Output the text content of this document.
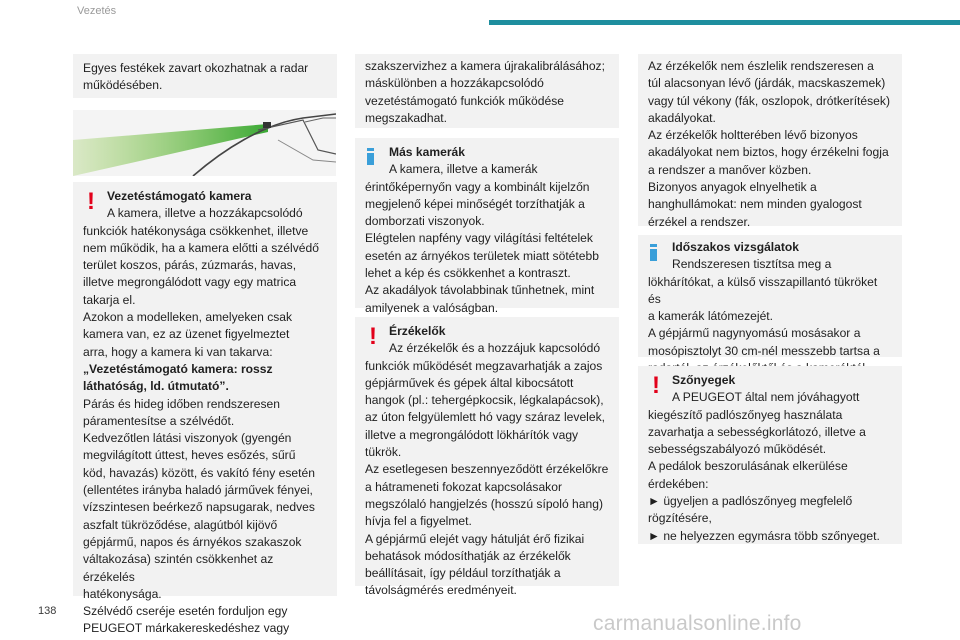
Vezetés

Egyes festékek zavart okozhatnak a radar

működésében.

! Vezetéstámogató kamera

A kamera, illetve a hozzákapcsolódó

funkciók hatékonysága csökkenhet, illetve

nem működik, ha a kamera előtti a szélvédő

terület koszos, párás, zúzmarás, havas,

illetve megrongálódott vagy egy matrica

takarja el.

Azokon a modelleken, amelyeken csak

kamera van, ez az üzenet figyelmeztet

arra, hogy a kamera ki van takarva:

„Vezetéstámogató kamera: rossz

láthatóság, ld. útmutató”.

Párás és hideg időben rendszeresen

páramentesítse a szélvédőt.

Kedvezőtlen látási viszonyok (gyengén

megvilágított úttest, heves esőzés, sűrű

köd, havazás) között, és vakító fény esetén

(ellentétes irányba haladó járművek fényei,

vízszintesen beérkező napsugarak, nedves

aszfalt tükröződése, alagútból kijövő

gépjármű, napos és árnyékos szakaszok

váltakozása) szintén csökkenhet az érzékelés

hatékonysága.

Szélvédő cseréje esetén forduljon egy

PEUGEOT márkakereskedéshez vagy

szakszervizhez a kamera újrakalibrálásához;

máskülönben a hozzákapcsolódó

vezetéstámogató funkciók működése

megszakadhat.

Más kamerák

A kamera, illetve a kamerák

érintőképernyőn vagy a kombinált kijelzőn

megjelenő képei minőségét torzíthatják a

domborzati viszonyok.

Elégtelen napfény vagy világítási feltételek

esetén az árnyékos területek miatt sötétebb

lehet a kép és csökkenhet a kontraszt.

Az akadályok távolabbinak tűnhetnek, mint

amilyenek a valóságban.

! Érzékelők

Az érzékelők és a hozzájuk kapcsolódó

funkciók működését megzavarhatják a zajos

gépjárművek és gépek által kibocsátott

hangok (pl.: tehergépkocsik, légkalapácsok),

az úton felgyülemlett hó vagy száraz levelek,

illetve a megrongálódott lökhárítók vagy

tükrök.

Az esetlegesen beszennyeződött érzékelőkre

a hátrameneti fokozat kapcsolásakor

megszólaló hangjelzés (hosszú sípoló hang)

hívja fel a figyelmet.

A gépjármű elejét vagy hátulját érő fizikai

behatások módosíthatják az érzékelők

beállításait, így például torzíthatják a

távolságmérés eredményeit.

Az érzékelők nem észlelik rendszeresen a

túl alacsonyan lévő (járdák, macskaszemek)

vagy túl vékony (fák, oszlopok, drótkerítések)

akadályokat.

Az érzékelők holtterében lévő bizonyos

akadályokat nem biztos, hogy érzékelni fogja

a rendszer a manőver közben.

Bizonyos anyagok elnyelhetik a

hanghullámokat: nem minden gyalogost

érzékel a rendszer.

Időszakos vizsgálatok

Rendszeresen tisztítsa meg a

lökhárítókat, a külső visszapillantó tükröket és

a kamerák látómezejét.

A gépjármű nagynyomású mosásakor a

mosópisztolyt 30 cm-nél messzebb tartsa a

! Szőnyegek

A PEUGEOT által nem jóváhagyott

kiegészítő padlószőnyeg használata

zavarhatja a sebességkorlátozó, illetve a

sebességszabályozó működését.

A pedálok beszorulásának elkerülése

érdekében:

► ügyeljen a padlószőnyeg megfelelő

rögzítésére,

► ne helyezzen egymásra több szőnyeget.

138
carmanualsonline.info
